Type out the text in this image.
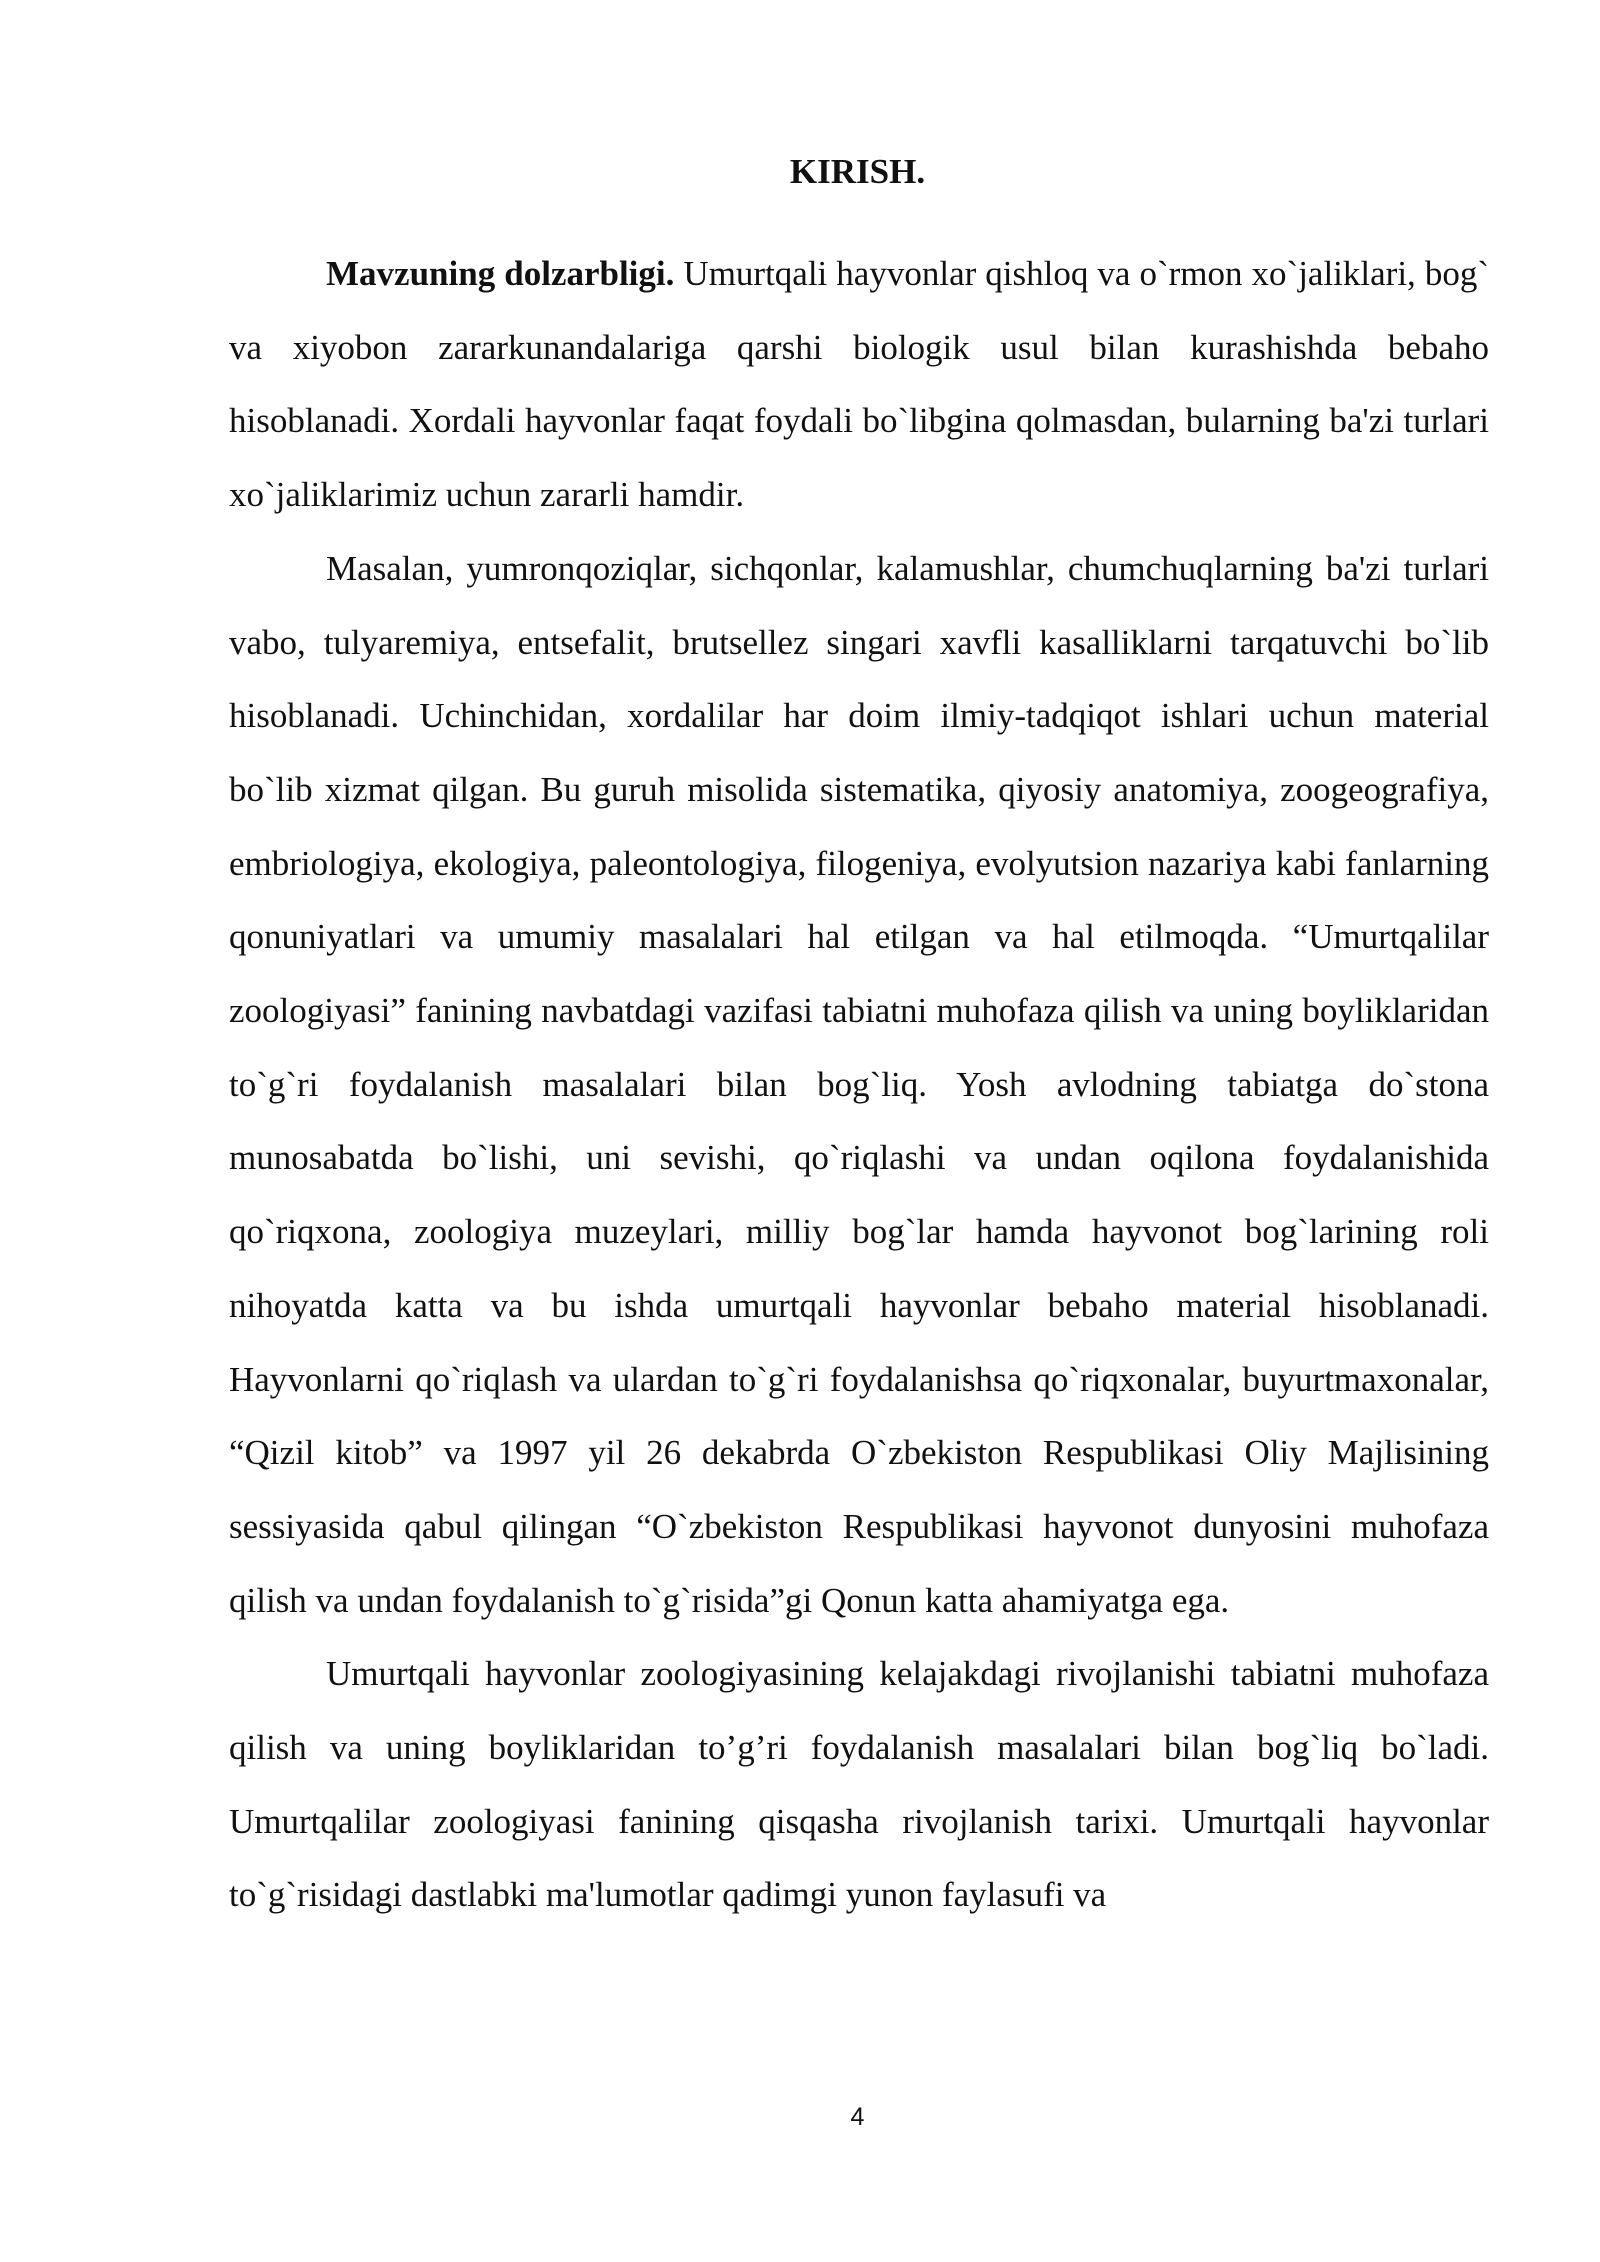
KIRISH.

Mavzuning dolzarbligi. Umurtqali hayvonlar qishloq va o`rmon xo`jaliklari, bog` va xiyobon zararkunandalariga qarshi biologik usul bilan kurashishda bebaho hisoblanadi. Xordali hayvonlar faqat foydali bo`libgina qolmasdan, bularning ba'zi turlari xo`jaliklarimiz uchun zararli hamdir.

Masalan, yumronqoziqlar, sichqonlar, kalamushlar, chumchuqlarning ba'zi turlari vabo, tulyaremiya, entsefalit, brutsellez singari xavfli kasalliklarni tarqatuvchi bo`lib hisoblanadi. Uchinchidan, xordalilar har doim ilmiy-tadqiqot ishlari uchun material bo`lib xizmat qilgan. Bu guruh misolida sistematika, qiyosiy anatomiya, zoogeografiya, embriologiya, ekologiya, paleontologiya, filogeniya, evolyutsion nazariya kabi fanlarning qonuniyatlari va umumiy masalalari hal etilgan va hal etilmoqda. “Umurtqalilar zoologiyasi” fanining navbatdagi vazifasi tabiatni muhofaza qilish va uning boyliklaridan to`g`ri foydalanish masalalari bilan bog`liq. Yosh avlodning tabiatga do`stona munosabatda bo`lishi, uni sevishi, qo`riqlashi va undan oqilona foydalanishida qo`riqxona, zoologiya muzeylari, milliy bog`lar hamda hayvonot bog`larining roli nihoyatda katta va bu ishda umurtqali hayvonlar bebaho material hisoblanadi. Hayvonlarni qo`riqlash va ulardan to`g`ri foydalanishsa qo`riqxonalar, buyurtmaxonalar, “Qizil kitob” va 1997 yil 26 dekabrda O`zbekiston Respublikasi Oliy Majlisining sessiyasida qabul qilingan “O`zbekiston Respublikasi hayvonot dunyosini muhofaza qilish va undan foydalanish to`g`risida”gi Qonun katta ahamiyatga ega.

Umurtqali hayvonlar zoologiyasining kelajakdagi rivojlanishi tabiatni muhofaza qilish va uning boyliklaridan to’g’ri foydalanish masalalari bilan bog`liq bo`ladi. Umurtqalilar zoologiyasi fanining qisqasha rivojlanish tarixi. Umurtqali hayvonlar to`g`risidagi dastlabki ma'lumotlar qadimgi yunon faylasufi va

4
